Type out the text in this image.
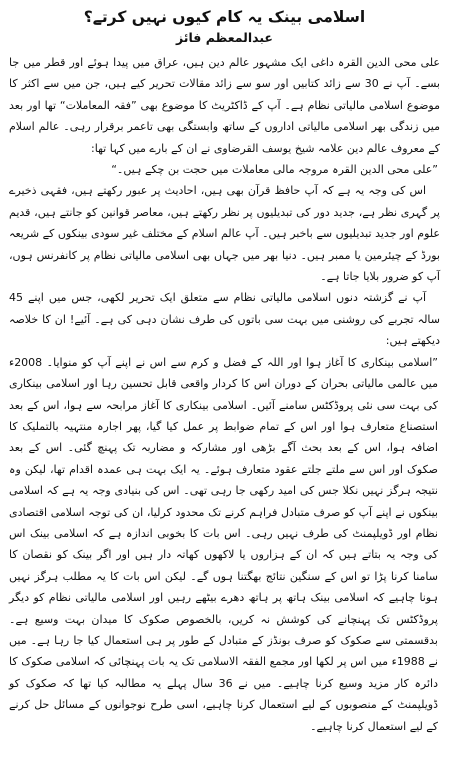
اسلامی بینک یہ کام کیوں نہیں کرتے؟
عبدالمعظم فائز

علی محی الدین القرہ داغی ایک مشہور عالم دین ہیں، عراق میں پیدا ہوئے اور قطر میں جا بسے۔ آپ نے 30 سے زائد کتابیں اور سو سے زائد مقالات تحریر کیے ہیں، جن میں سے اکثر کا موضوع اسلامی مالیاتی نظام ہے۔ آپ کے ڈاکٹریٹ کا موضوع بھی ”فقہ المعاملات“ تھا اور بعد میں زندگی بھر اسلامی مالیاتی اداروں کے ساتھ وابستگی بھی تاعمر برقرار رہی۔ عالم اسلام کے معروف عالم دین علامہ شیخ یوسف القرضاوی نے ان کے بارے میں کہا تھا:

”علی محی الدین القرہ مروجہ مالی معاملات میں حجت بن چکے ہیں۔“

اس کی وجہ یہ ہے کہ آپ حافظ قرآن بھی ہیں، احادیث پر عبور رکھتے ہیں، فقہی ذخیرے پر گہری نظر ہے، جدید دور کی تبدیلیوں پر نظر رکھتے ہیں، معاصر قوانین کو جانتے ہیں، قدیم علوم اور جدید تبدیلیوں سے باخبر ہیں۔ آپ عالم اسلام کے مختلف غیر سودی بینکوں کے شریعہ بورڈ کے چیئرمین یا ممبر ہیں۔ دنیا بھر میں جہاں بھی اسلامی مالیاتی نظام پر کانفرنس ہوں، آپ کو ضرور بلایا جاتا ہے۔

آپ نے گزشتہ دنوں اسلامی مالیاتی نظام سے متعلق ایک تحریر لکھی، جس میں اپنے 45 سالہ تجربے کی روشنی میں بہت سی باتوں کی طرف نشان دہی کی ہے۔ آئیے! ان کا خلاصہ دیکھتے ہیں:

”اسلامی بینکاری کا آغاز ہوا اور اللہ کے فضل و کرم سے اس نے اپنے آپ کو منوایا۔ 2008ء میں عالمی مالیاتی بحران کے دوران اس کا کردار واقعی قابل تحسین رہا اور اسلامی بینکاری کی بہت سی نئی پروڈکٹس سامنے آئیں۔ اسلامی بینکاری کا آغاز مرابحہ سے ہوا، اس کے بعد استصناع متعارف ہوا اور اس کے تمام ضوابط پر عمل کیا گیا، پھر اجارہ منتہیہ بالتملیک کا اضافہ ہوا، اس کے بعد بحث آگے بڑھی اور مشارکہ و مضاربہ تک پہنچ گئی۔ اس کے بعد صکوک اور اس سے ملتے جلتے عقود متعارف ہوئے۔ یہ ایک بہت ہی عمدہ اقدام تھا، لیکن وہ نتیجہ ہرگز نہیں نکلا جس کی امید رکھی جا رہی تھی۔ اس کی بنیادی وجہ یہ ہے کہ اسلامی بینکوں نے اپنے آپ کو صرف متبادل فراہم کرنے تک محدود کرلیا، ان کی توجہ اسلامی اقتصادی نظام اور ڈویلپمنٹ کی طرف نہیں رہی۔ اس بات کا بخوبی اندازہ ہے کہ اسلامی بینک اس کی وجہ یہ بتاتے ہیں کہ ان کے ہزاروں یا لاکھوں کھاتہ دار ہیں اور اگر بینک کو نقصان کا سامنا کرنا پڑا تو اس کے سنگین نتائج بھگتنا ہوں گے۔ لیکن اس بات کا یہ مطلب ہرگز نہیں ہونا چاہیے کہ اسلامی بینک ہاتھ پر ہاتھ دھرے بیٹھے رہیں اور اسلامی مالیاتی نظام کو دیگر پروڈکٹس تک پہنچانے کی کوشش نہ کریں، بالخصوص صکوک کا میدان بہت وسیع ہے۔ بدقسمتی سے صکوک کو صرف بونڈز کے متبادل کے طور پر ہی استعمال کیا جا رہا ہے۔ میں نے 1988ء میں اس پر لکھا اور مجمع الفقہ الاسلامی تک یہ بات پہنچائی کہ اسلامی صکوک کا دائرہ کار مزید وسیع کرنا چاہیے۔ میں نے 36 سال پہلے یہ مطالبہ کیا تھا کہ صکوک کو ڈویلپمنٹ کے منصوبوں کے لیے استعمال کرنا چاہیے، اسی طرح نوجوانوں کے مسائل حل کرنے کے لیے استعمال کرنا چاہیے۔
